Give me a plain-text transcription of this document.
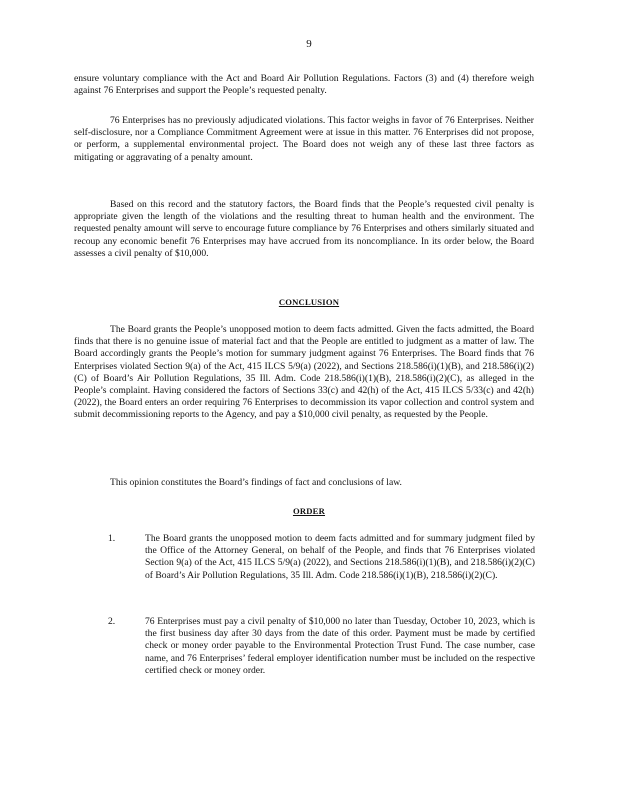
9

ensure voluntary compliance with the Act and Board Air Pollution Regulations. Factors (3) and (4) therefore weigh against 76 Enterprises and support the People’s requested penalty.

76 Enterprises has no previously adjudicated violations. This factor weighs in favor of 76 Enterprises. Neither self-disclosure, nor a Compliance Commitment Agreement were at issue in this matter. 76 Enterprises did not propose, or perform, a supplemental environmental project. The Board does not weigh any of these last three factors as mitigating or aggravating of a penalty amount.

Based on this record and the statutory factors, the Board finds that the People’s requested civil penalty is appropriate given the length of the violations and the resulting threat to human health and the environment. The requested penalty amount will serve to encourage future compliance by 76 Enterprises and others similarly situated and recoup any economic benefit 76 Enterprises may have accrued from its noncompliance. In its order below, the Board assesses a civil penalty of $10,000.

CONCLUSION

The Board grants the People’s unopposed motion to deem facts admitted. Given the facts admitted, the Board finds that there is no genuine issue of material fact and that the People are entitled to judgment as a matter of law. The Board accordingly grants the People’s motion for summary judgment against 76 Enterprises. The Board finds that 76 Enterprises violated Section 9(a) of the Act, 415 ILCS 5/9(a) (2022), and Sections 218.586(i)(1)(B), and 218.586(i)(2)(C) of Board’s Air Pollution Regulations, 35 Ill. Adm. Code 218.586(i)(1)(B), 218.586(i)(2)(C), as alleged in the People’s complaint. Having considered the factors of Sections 33(c) and 42(h) of the Act, 415 ILCS 5/33(c) and 42(h) (2022), the Board enters an order requiring 76 Enterprises to decommission its vapor collection and control system and submit decommissioning reports to the Agency, and pay a $10,000 civil penalty, as requested by the People.

This opinion constitutes the Board’s findings of fact and conclusions of law.

ORDER
1.	The Board grants the unopposed motion to deem facts admitted and for summary judgment filed by the Office of the Attorney General, on behalf of the People, and finds that 76 Enterprises violated Section 9(a) of the Act, 415 ILCS 5/9(a) (2022), and Sections 218.586(i)(1)(B), and 218.586(i)(2)(C) of Board’s Air Pollution Regulations, 35 Ill. Adm. Code 218.586(i)(1)(B), 218.586(i)(2)(C).

2.	76 Enterprises must pay a civil penalty of $10,000 no later than Tuesday, October 10, 2023, which is the first business day after 30 days from the date of this order. Payment must be made by certified check or money order payable to the Environmental Protection Trust Fund. The case number, case name, and 76 Enterprises’ federal employer identification number must be included on the respective certified check or money order.
